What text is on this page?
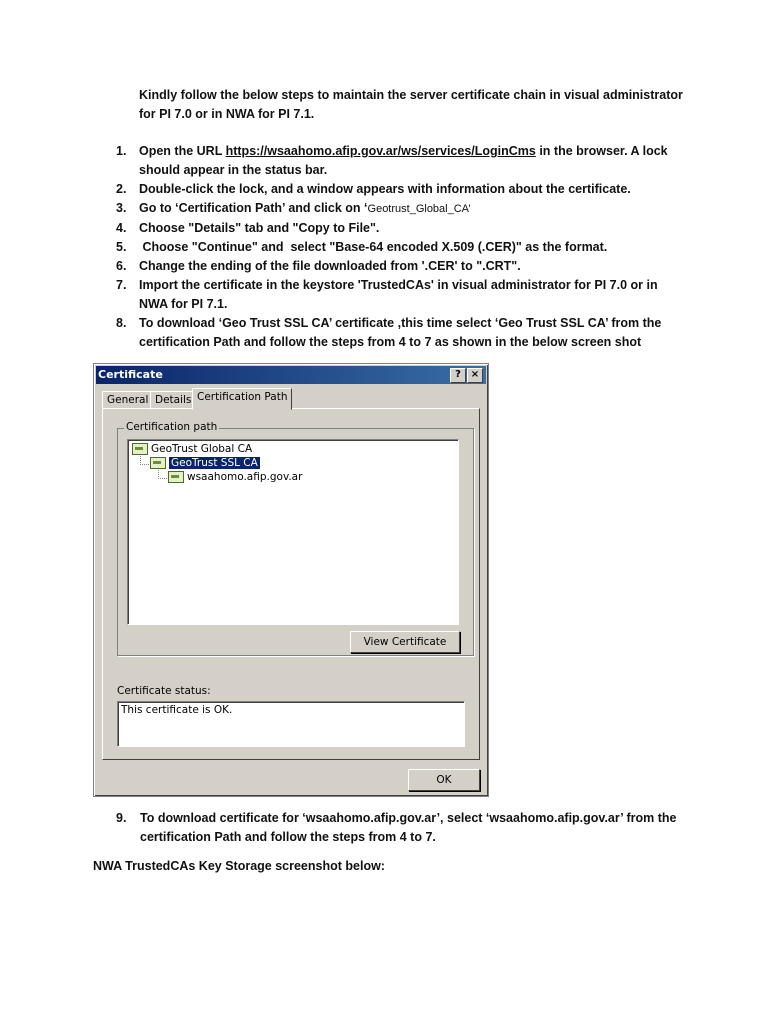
Kindly follow the below steps to maintain the server certificate chain in visual administrator for PI 7.0 or in NWA for PI 7.1.

1.	Open the URL https://wsaahomo.afip.gov.ar/ws/services/LoginCms in the browser. A lock should appear in the status bar.
2.	Double-click the lock, and a window appears with information about the certificate.
3.	Go to ‘Certification Path’ and click on ‘Geotrust_Global_CA’
4.	Choose "Details" tab and "Copy to File".
5.	Choose "Continue" and  select "Base-64 encoded X.509 (.CER)" as the format.
6.	Change the ending of the file downloaded from '.CER' to ".CRT".
7.	Import the certificate in the keystore 'TrustedCAs' in visual administrator for PI 7.0 or in NWA for PI 7.1.
8.	To download ‘Geo Trust SSL CA’ certificate ,this time select ‘Geo Trust SSL CA’ from the certification Path and follow the steps from 4 to 7 as shown in the below screen shot
Certificate	? ×
General Details Certification Path
Certification path
GeoTrust Global CA
GeoTrust SSL CA
wsaahomo.afip.gov.ar
View Certificate
Certificate status:
This certificate is OK.
OK
9.	To download certificate for ‘wsaahomo.afip.gov.ar’, select ‘wsaahomo.afip.gov.ar’ from the certification Path and follow the steps from 4 to 7.
NWA TrustedCAs Key Storage screenshot below:
